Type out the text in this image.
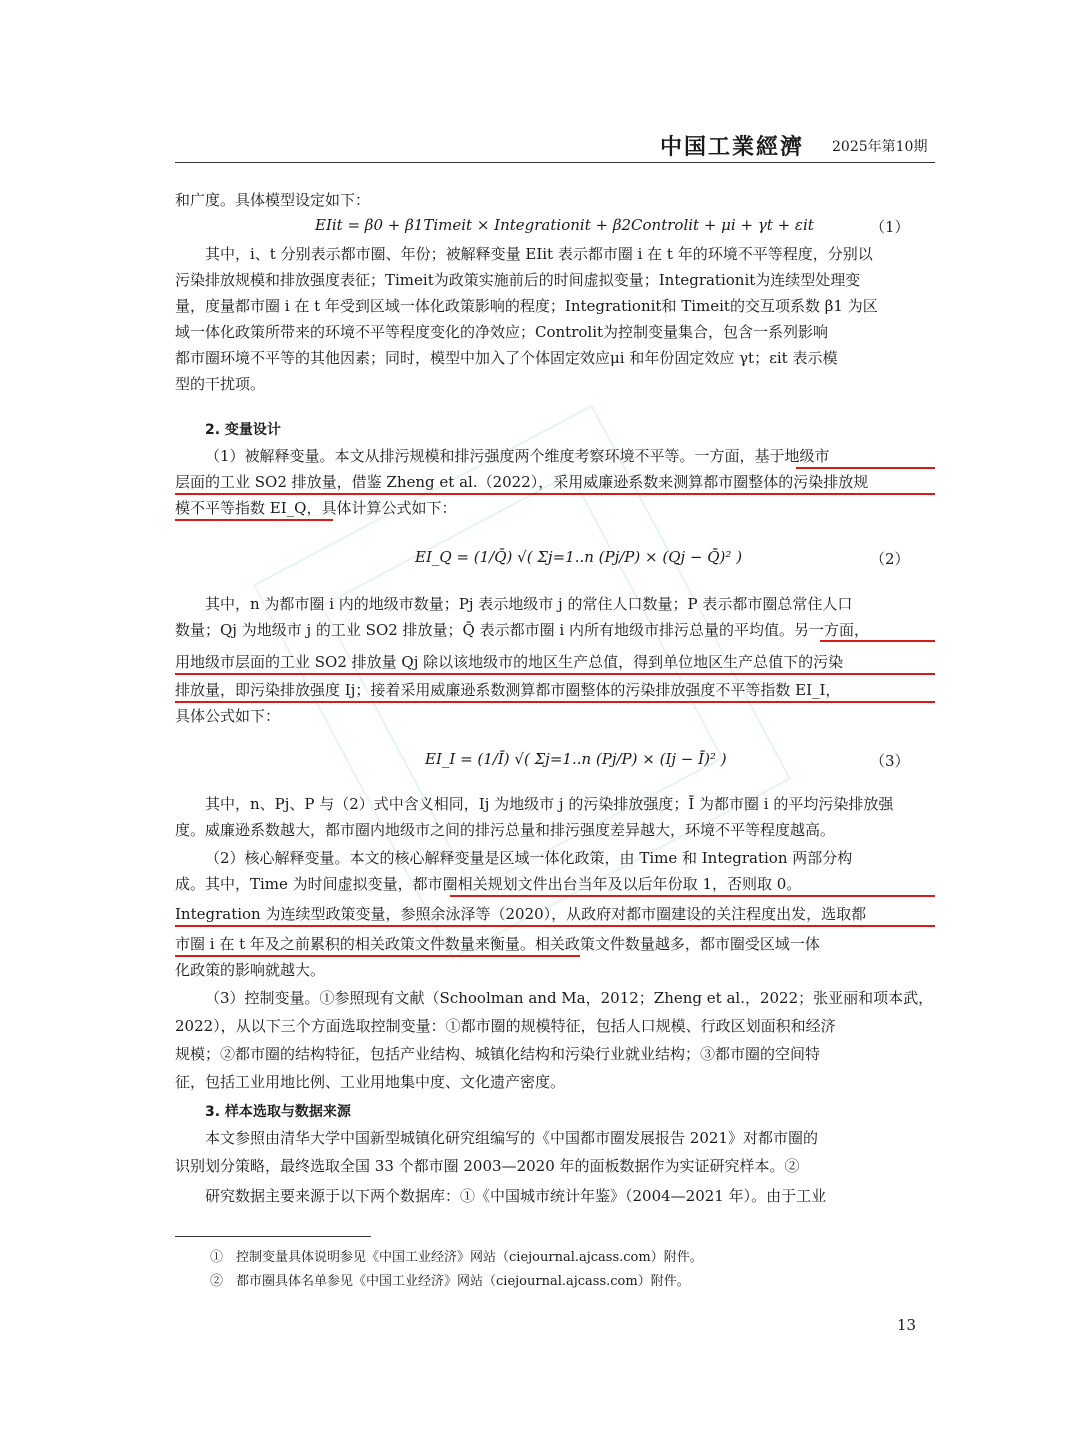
中国工業經濟 2025年第10期
和广度。具体模型设定如下：
EIit = β0 + β1Timeit × Integrationit + β2Controlit + μi + γt + εit	（1）
其中，i、t 分别表示都市圈、年份；被解释变量 EIit 表示都市圈 i 在 t 年的环境不平等程度，分别以
污染排放规模和排放强度表征；Timeit为政策实施前后的时间虚拟变量；Integrationit为连续型处理变
量，度量都市圈 i 在 t 年受到区域一体化政策影响的程度；Integrationit和 Timeit的交互项系数 β1 为区
域一体化政策所带来的环境不平等程度变化的净效应；Controlit为控制变量集合，包含一系列影响
都市圈环境不平等的其他因素；同时，模型中加入了个体固定效应μi 和年份固定效应 γt；εit 表示模
型的干扰项。
2. 变量设计
（1）被解释变量。本文从排污规模和排污强度两个维度考察环境不平等。一方面，基于地级市
层面的工业 SO2 排放量，借鉴 Zheng et al.（2022），采用威廉逊系数来测算都市圈整体的污染排放规
模不平等指数 EI_Q，具体计算公式如下：
EI_Q = (1/Q̄) √( Σj=1..n (Pj/P) × (Qj − Q̄)² )	（2）
其中，n 为都市圈 i 内的地级市数量；Pj 表示地级市 j 的常住人口数量；P 表示都市圈总常住人口
数量；Qj 为地级市 j 的工业 SO2 排放量；Q̄ 表示都市圈 i 内所有地级市排污总量的平均值。另一方面，
用地级市层面的工业 SO2 排放量 Qj 除以该地级市的地区生产总值，得到单位地区生产总值下的污染
排放量，即污染排放强度 Ij；接着采用威廉逊系数测算都市圈整体的污染排放强度不平等指数 EI_I，
具体公式如下：
EI_I = (1/Ī) √( Σj=1..n (Pj/P) × (Ij − Ī)² )	（3）
其中，n、Pj、P 与（2）式中含义相同，Ij 为地级市 j 的污染排放强度；Ī 为都市圈 i 的平均污染排放强
度。威廉逊系数越大，都市圈内地级市之间的排污总量和排污强度差异越大，环境不平等程度越高。
（2）核心解释变量。本文的核心解释变量是区域一体化政策，由 Time 和 Integration 两部分构
成。其中，Time 为时间虚拟变量，都市圈相关规划文件出台当年及以后年份取 1，否则取 0。
Integration 为连续型政策变量，参照余泳泽等（2020），从政府对都市圈建设的关注程度出发，选取都
市圈 i 在 t 年及之前累积的相关政策文件数量来衡量。相关政策文件数量越多，都市圈受区域一体
化政策的影响就越大。
（3）控制变量。①参照现有文献（Schoolman and Ma，2012；Zheng et al.，2022；张亚丽和项本武，
2022），从以下三个方面选取控制变量：①都市圈的规模特征，包括人口规模、行政区划面积和经济
规模；②都市圈的结构特征，包括产业结构、城镇化结构和污染行业就业结构；③都市圈的空间特
征，包括工业用地比例、工业用地集中度、文化遗产密度。
3. 样本选取与数据来源
本文参照由清华大学中国新型城镇化研究组编写的《中国都市圈发展报告 2021》对都市圈的
识别划分策略，最终选取全国 33 个都市圈 2003—2020 年的面板数据作为实证研究样本。②
研究数据主要来源于以下两个数据库：①《中国城市统计年鉴》（2004—2021 年）。由于工业
①　控制变量具体说明参见《中国工业经济》网站（ciejournal.ajcass.com）附件。
②　都市圈具体名单参见《中国工业经济》网站（ciejournal.ajcass.com）附件。
13
